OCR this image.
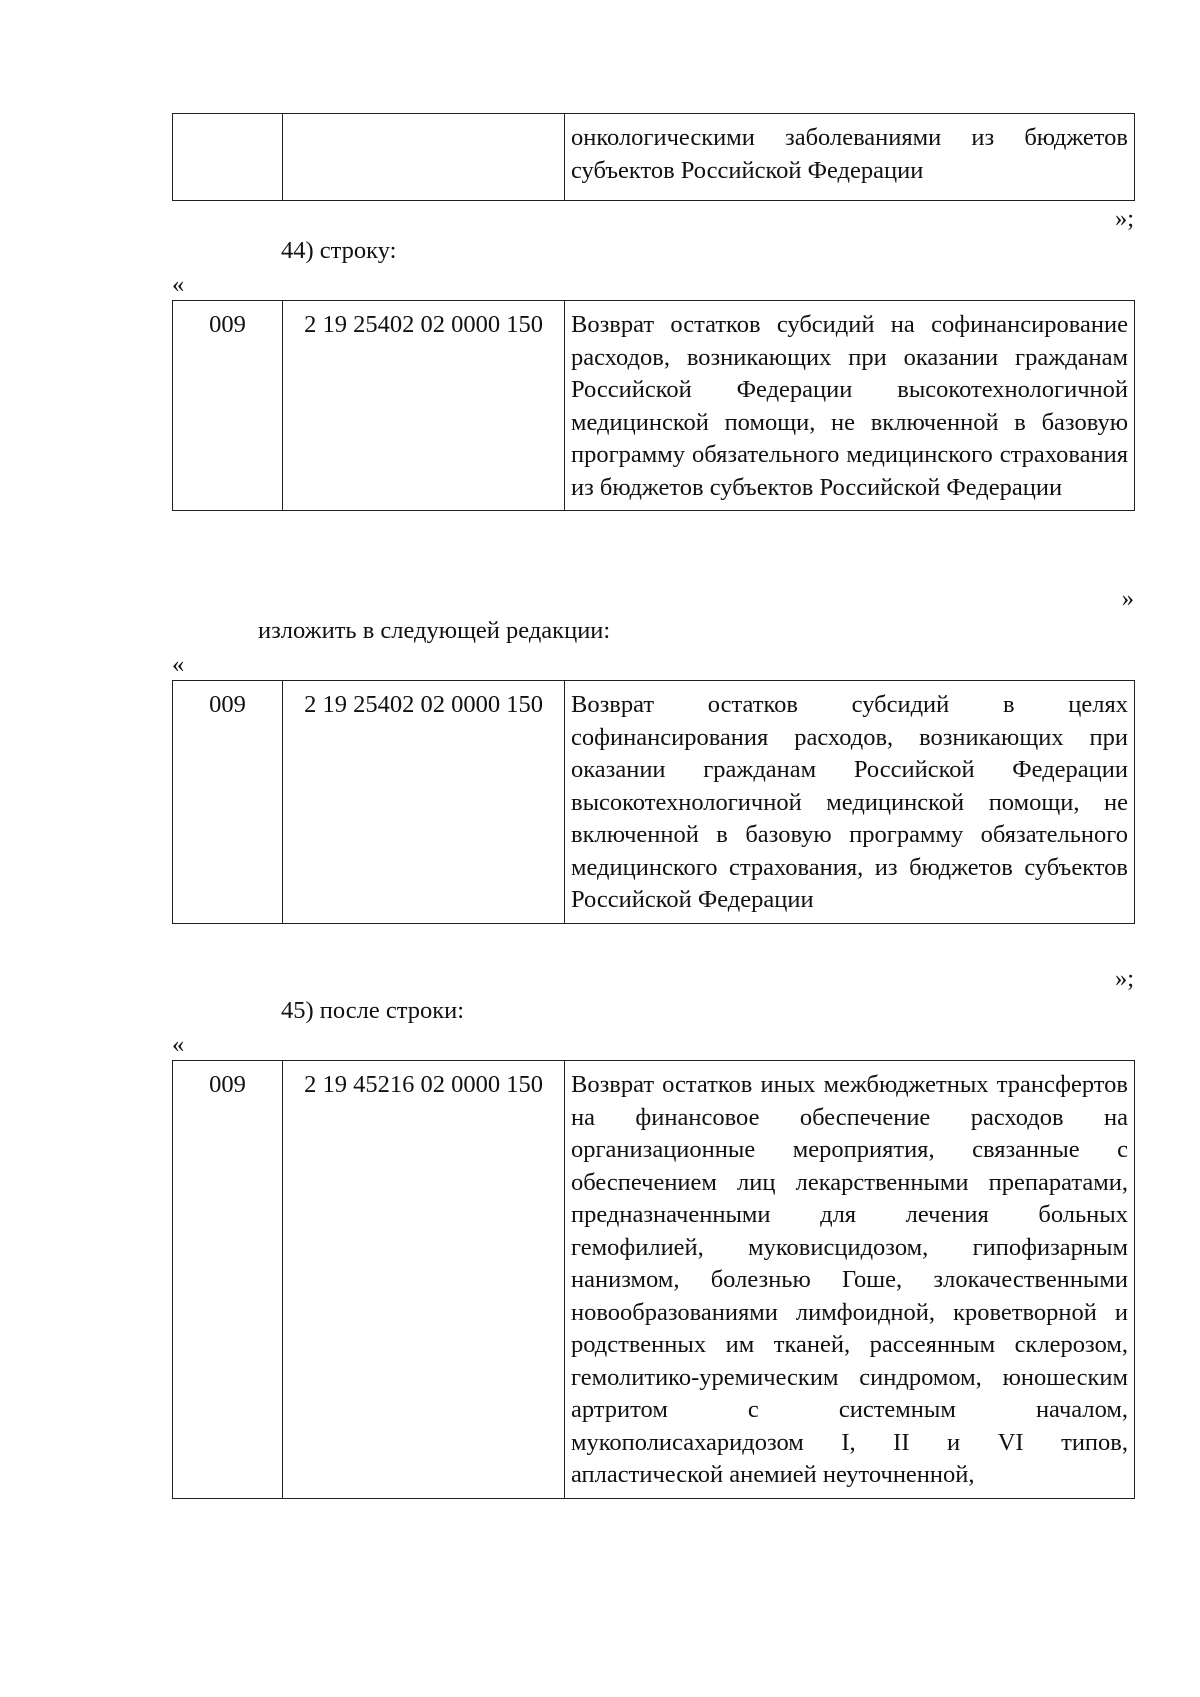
		онкологическими заболеваниями из бюджетов субъектов Российской Федерации
»;
44) строку:
«
009	2 19 25402 02 0000 150	Возврат остатков субсидий на софинансирование расходов, возникающих при оказании гражданам Российской Федерации высокотехнологичной медицинской помощи, не включенной в базовую программу обязательного медицинского страхования из бюджетов субъектов Российской Федерации
»
изложить в следующей редакции:
«
009	2 19 25402 02 0000 150	Возврат остатков субсидий в целях софинансирования расходов, возникающих при оказании гражданам Российской Федерации высокотехнологичной медицинской помощи, не включенной в базовую программу обязательного медицинского страхования, из бюджетов субъектов Российской Федерации
»;
45) после строки:
«
009	2 19 45216 02 0000 150	Возврат остатков иных межбюджетных трансфертов на финансовое обеспечение расходов на организационные мероприятия, связанные с обеспечением лиц лекарственными препаратами, предназначенными для лечения больных гемофилией, муковисцидозом, гипофизарным нанизмом, болезнью Гоше, злокачественными новообразованиями лимфоидной, кроветворной и родственных им тканей, рассеянным склерозом, гемолитико-уремическим синдромом, юношеским артритом с системным началом, мукополисахаридозом I, II и VI типов, апластической анемией неуточненной,
